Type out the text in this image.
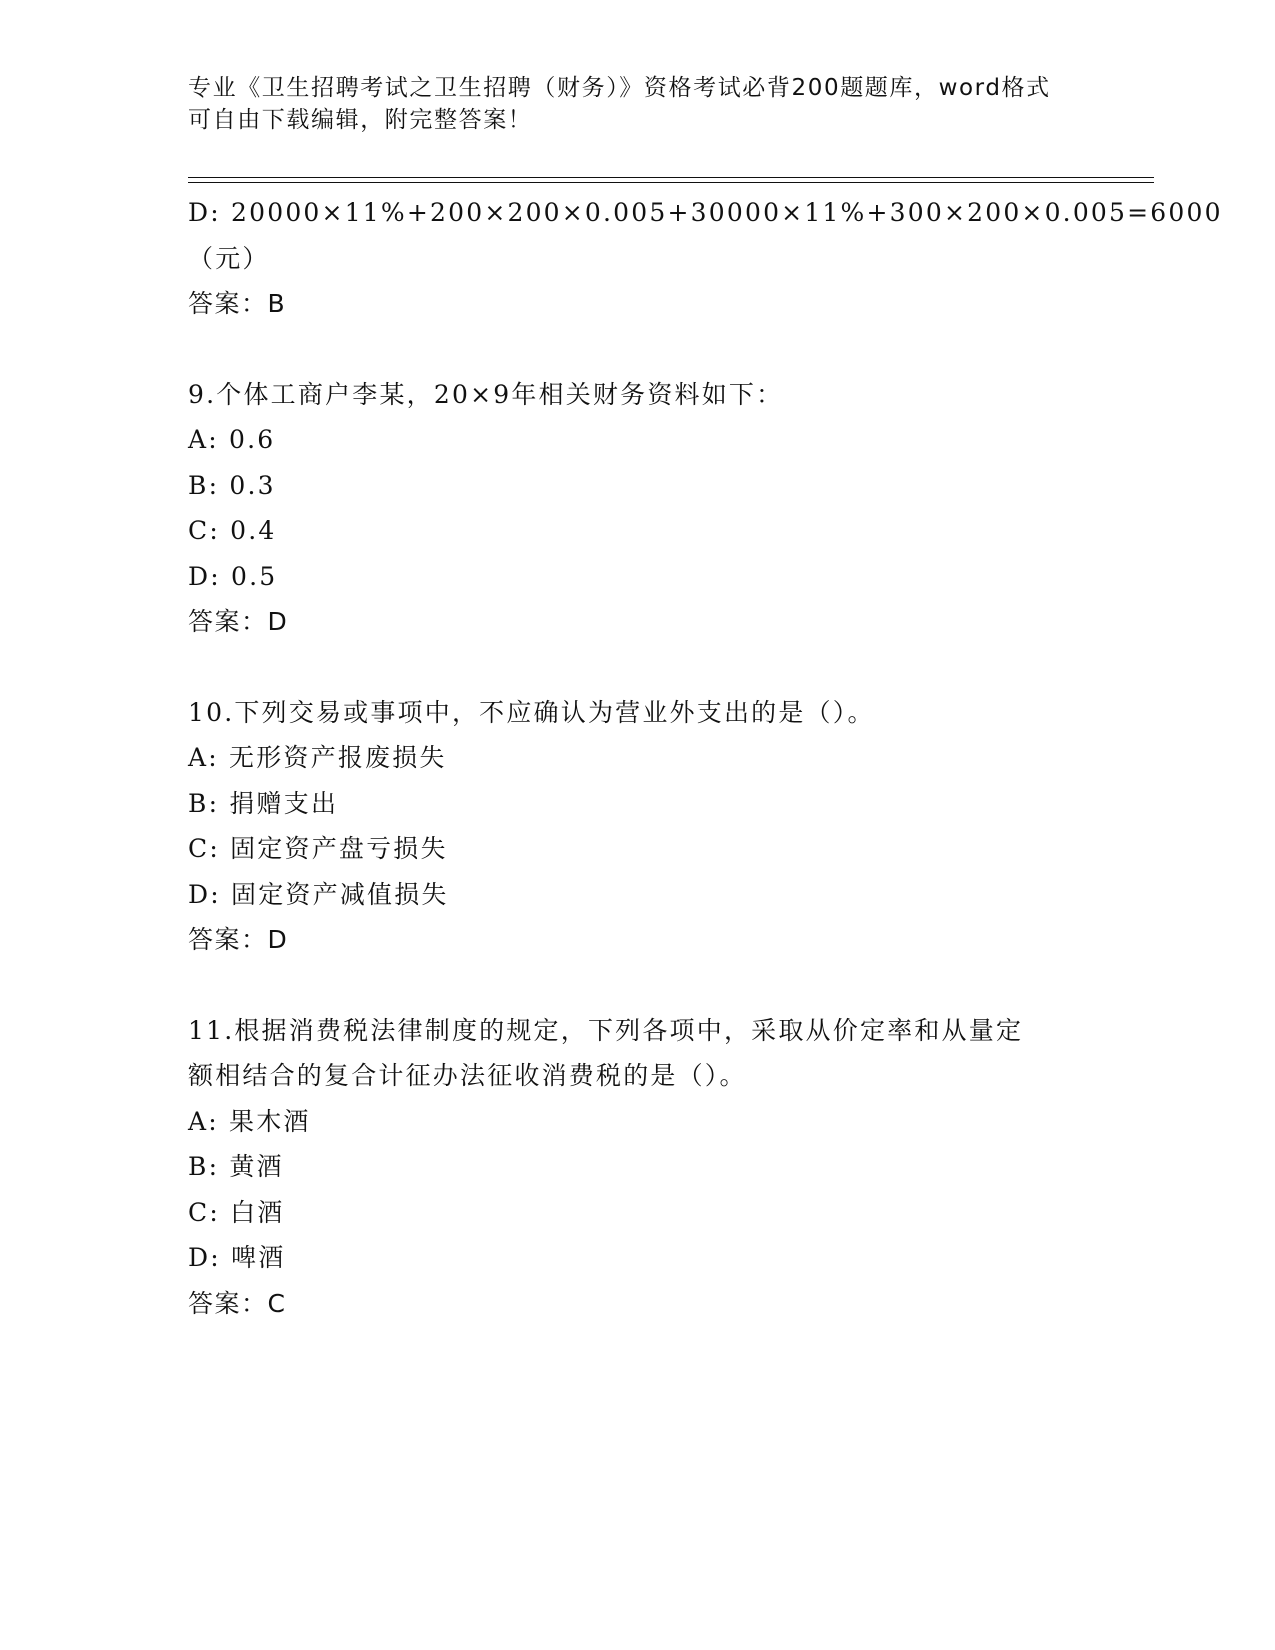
专业《卫生招聘考试之卫生招聘（财务）》资格考试必背200题题库，word格式
可自由下载编辑，附完整答案！
D: 20000×11%+200×200×0.005+30000×11%+300×200×0.005=6000
（元）
答案：B
9.个体工商户李某，20×9年相关财务资料如下：
A: 0.6
B: 0.3
C: 0.4
D: 0.5
答案：D
10.下列交易或事项中，不应确认为营业外支出的是（）。
A: 无形资产报废损失
B: 捐赠支出
C: 固定资产盘亏损失
D: 固定资产减值损失
答案：D
11.根据消费税法律制度的规定，下列各项中，采取从价定率和从量定
额相结合的复合计征办法征收消费税的是（）。
A: 果木酒
B: 黄酒
C: 白酒
D: 啤酒
答案：C
